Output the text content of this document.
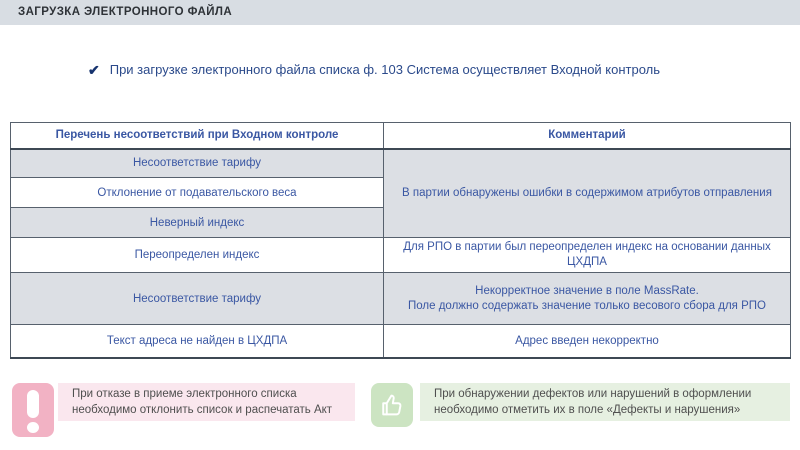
ЗАГРУЗКА ЭЛЕКТРОННОГО ФАЙЛА
✔ При загрузке электронного файла списка ф. 103 Система осуществляет Входной контроль
Перечень несоответствий при Входном контроле	Комментарий
Несоответствие тарифу	В партии обнаружены ошибки в содержимом атрибутов отправления
Отклонение от подавательского веса	
Неверный индекс	
Переопределен индекс	Для РПО в партии был переопределен индекс на основании данных
ЦХДПА

Несоответствие тарифу	Некорректное значение в поле MassRate.
Поле должно содержать значение только весового сбора для РПО

Текст адреса не найден в ЦХДПА	Адрес введен некорректно
При отказе в приеме электронного списка
необходимо отклонить список и распечатать Акт
При обнаружении дефектов или нарушений в оформлении
необходимо отметить их в поле «Дефекты и нарушения»
